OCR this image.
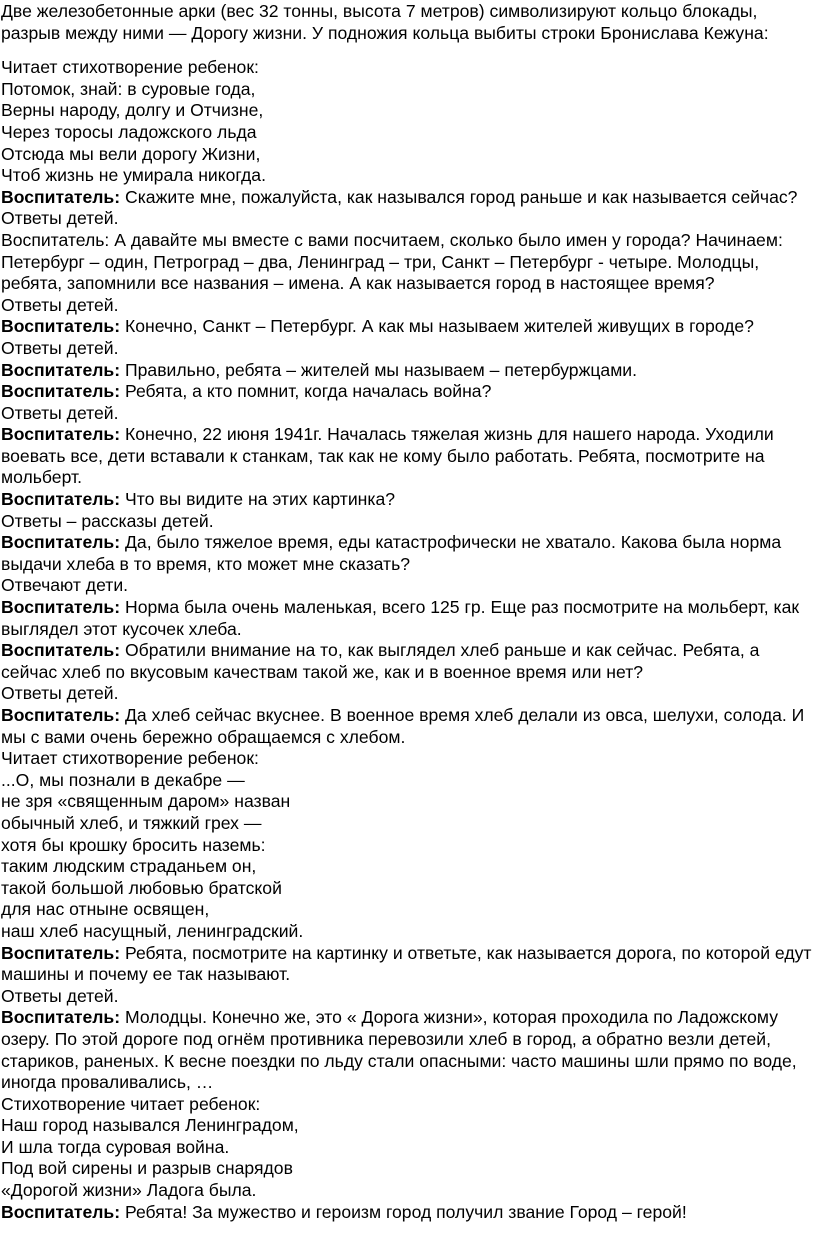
Две железобетонные арки (вес 32 тонны, высота 7 метров) символизируют кольцо блокады, разрыв между ними — Дорогу жизни. У подножия кольца выбиты строки Бронислава Кежуна:

Читает стихотворение ребенок:

Потомок, знай: в суровые года,

Верны народу, долгу и Отчизне,

Через торосы ладожского льда

Отсюда мы вели дорогу Жизни,

Чтоб жизнь не умирала никогда.

Воспитатель: Скажите мне, пожалуйста, как назывался город раньше и как называется сейчас?

Ответы детей.

Воспитатель: А давайте мы вместе с вами посчитаем, сколько было имен у города? Начинаем: Петербург – один, Петроград – два, Ленинград – три, Санкт – Петербург - четыре. Молодцы, ребята, запомнили все названия – имена. А как называется город в настоящее время?

Ответы детей.

Воспитатель: Конечно, Санкт – Петербург. А как мы называем жителей живущих в городе?

Ответы детей.

Воспитатель: Правильно, ребята – жителей мы называем – петербуржцами.

Воспитатель: Ребята, а кто помнит, когда началась война?

Ответы детей.

Воспитатель: Конечно, 22 июня 1941г. Началась тяжелая жизнь для нашего народа. Уходили воевать все, дети вставали к станкам, так как не кому было работать. Ребята, посмотрите на мольберт.

Воспитатель: Что вы видите на этих картинка?

Ответы – рассказы детей.

Воспитатель: Да, было тяжелое время, еды катастрофически не хватало. Какова была норма выдачи хлеба в то время, кто может мне сказать?

Отвечают дети.

Воспитатель: Норма была очень маленькая, всего 125 гр. Еще раз посмотрите на мольберт, как выглядел этот кусочек хлеба.

Воспитатель: Обратили внимание на то, как выглядел хлеб раньше и как сейчас. Ребята, а сейчас хлеб по вкусовым качествам такой же, как и в военное время или нет?

Ответы детей.

Воспитатель: Да хлеб сейчас вкуснее. В военное время хлеб делали из овса, шелухи, солода. И мы с вами очень бережно обращаемся с хлебом.

Читает стихотворение ребенок:

...О, мы познали в декабре —

не зря «священным даром» назван

обычный хлеб, и тяжкий грех —

хотя бы крошку бросить наземь:

таким людским страданьем он,

такой большой любовью братской

для нас отныне освящен,

наш хлеб насущный, ленинградский.

Воспитатель: Ребята, посмотрите на картинку и ответьте, как называется дорога, по которой едут машины и почему ее так называют.

Ответы детей.

Воспитатель: Молодцы. Конечно же, это « Дорога жизни», которая проходила по Ладожскому озеру. По этой дороге под огнём противника перевозили хлеб в город, а обратно везли детей, стариков, раненых. К весне поездки по льду стали опасными: часто машины шли прямо по воде, иногда проваливались, …

Стихотворение читает ребенок:

Наш город назывался Ленинградом,

И шла тогда суровая война.

Под вой сирены и разрыв снарядов

«Дорогой жизни» Ладога была.

Воспитатель: Ребята! За мужество и героизм город получил звание Город – герой!
